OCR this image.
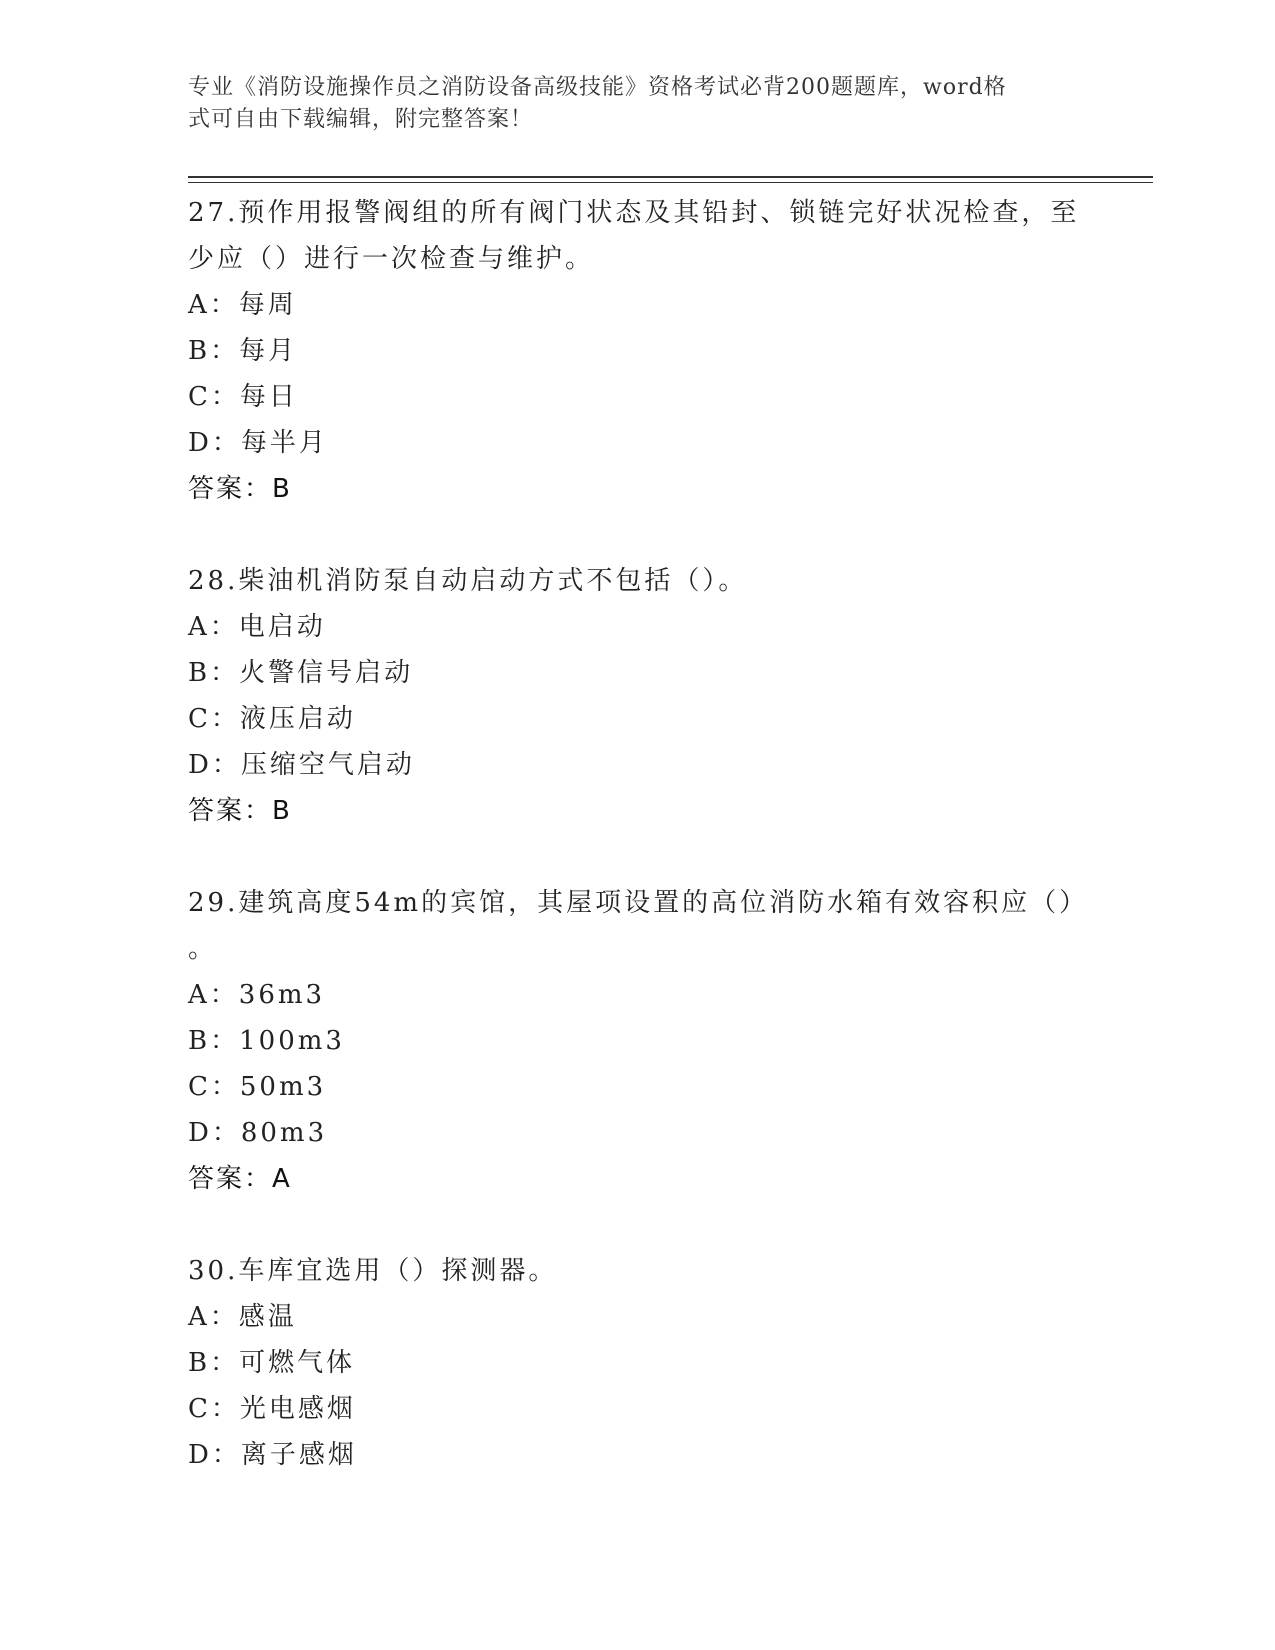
专业《消防设施操作员之消防设备高级技能》资格考试必背200题题库，word格
式可自由下载编辑，附完整答案！
27.预作用报警阀组的所有阀门状态及其铅封、锁链完好状况检查，至
少应（）进行一次检查与维护。
A：每周
B：每月
C：每日
D：每半月
答案：B
28.柴油机消防泵自动启动方式不包括（）。
A：电启动
B：火警信号启动
C：液压启动
D：压缩空气启动
答案：B
29.建筑高度54m的宾馆，其屋项设置的高位消防水箱有效容积应（）
。
A：36m3
B：100m3
C：50m3
D：80m3
答案：A
30.车库宜选用（）探测器。
A：感温
B：可燃气体
C：光电感烟
D：离子感烟
